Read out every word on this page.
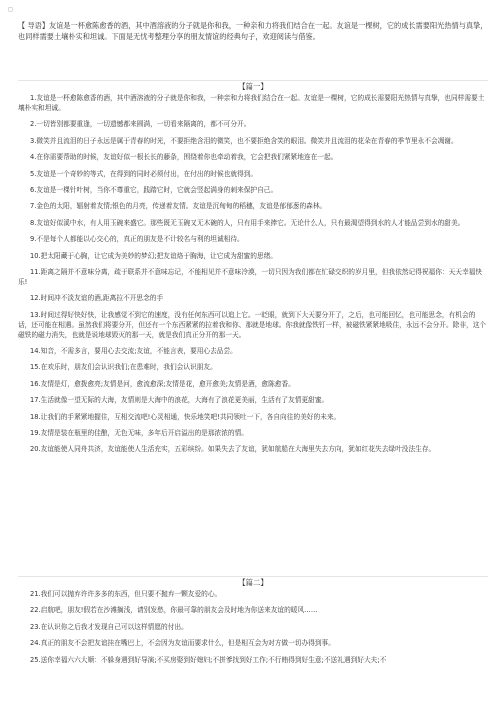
◻
【 导语】友谊是一杯愈陈愈香的酒，其中酒溶液的分子就是你和我，一种亲和力将我们结合在一起。友谊是一棵树，它的成长需要阳光热情与真挚，也同样需要土壤朴实和坦诚。下面是无忧考整理分享的朋友情谊的经典句子，欢迎阅读与借鉴。
【篇一】

1.友谊是一杯愈陈愈香的酒，其中酒溶液的分子就是你和我，一种亲和力将我们结合在一起。友谊是一棵树，它的成长需要阳光热情与真挚，也同样需要土壤朴实和坦诚。

2.一切皆别都要重逢，一切遗憾都来圆满，一切看来隔离的，都不可分开。

3.微笑并且流泪的日子永远是属于青春的时光，不要拒绝含泪的微笑，也不要拒绝含笑的眼泪。微笑并且流泪的花朵在青春的季节里永不会凋谢。

4.在你需要帮助的时候，友谊好似一根长长的藤条，围绕着你也牵动着我，它会把我们紧紧地连在一起。

5.友谊是一个奇妙的等式，在得到的同时必须付出，在付出的时候也就得到。

6.友谊是一棵针叶树，当你不尊重它，践踏它时，它就会竖起满身的刺来保护自己。

7.金色的太阳，辐射着友情;银色的月亮，传递着友情。友谊是沉甸甸的稻穗，友谊是郁郁葱的森林。

8.友谊好似溪中水，有人用玉碗来盛它。那些既无玉碗又无木碗的人，只有用手来捧它。无论什么人，只有最渴望得到水的人才能品尝到水的甜美。

9.不是每个人都能以心交心的，真正的朋友是不计较名与利的坦诚相待。

10.把太阳藏于心胸，让它成为美妙的梦幻;把友谊烙于胸海，让它成为甜蜜的思绪。

11.距离之隔并不意味分离，疏于联系并不意味忘记，不能相见并不意味冷漠，一切只因为我们都在忙碌交织的岁月里，但我依然记得祝福你：天天幸福快乐!

12.时间冲不淡友谊的酒,距离拉不开思念的手

13.时间过得好快好快，让我感觉不到它的速度，没有任何东西可以追上它。一眨眼，就到下大天要分开了，之后，也可能回忆，也可能思念，有机会的话，还可能在相遇。虽然我们将要分开，但还有一个东西紧紧的拉着我和你、那就是地球。你我就像铁钉一样，被磁铁紧紧地吸住，永远不会分开。除非，这个磁铁的磁力消失，也就是说地球毁灭的那一天，就是我们真正分开的那一天。

14.知音，不需多言，要用心去交流;友谊，不能言表，要用心去品尝。

15.在欢乐时，朋友们会认识我们;在患难时，我们会认识朋友。

16.友情是灯，愈拨愈亮;友情是河，愈流愈深;友情是花，愈开愈美;友情是酒，愈陈愈香。

17.生活就像一望无际的大海，友情则是大海中的浪花，大海有了浪花更美丽，生活有了友情更甜蜜。

18.让我们的手紧紧地握住，互相交流吧!心灵相通，快乐地笑吧!共同领吐一下，各自向往的美好的未来。

19.友情是装在瓶里的佳酿，无色无味，多年后开启溢出的是那浓浓的情。

20.友谊能使人同舟共济，友谊能使人生活充实，五彩缤纷。如果失去了友谊，犹如航船在大海里失去方向，犹如红花失去绿叶没法生存。

【篇二】

21.我们可以抛弃许许多多的东西，但只要不抛弃一颗友爱的心。

22.启航吧，朋友!假若在沙滩搁浅，请别发愁，你最可靠的朋友会及时地为你送来友谊的暖风……

23.在认识你之后我才发现自己可以这样情愿的付出。

24.真正的朋友不会把友谊挂在嘴巴上，不会因为友谊而要求什么，但是相互会为对方做一切办得到事。

25.送你幸福六六大顺：不躲身遇到好导演;不买房娶到好媳妇;不拼爹找到好工作;不行贿得到好生意;不送礼遇到好大夫;不
